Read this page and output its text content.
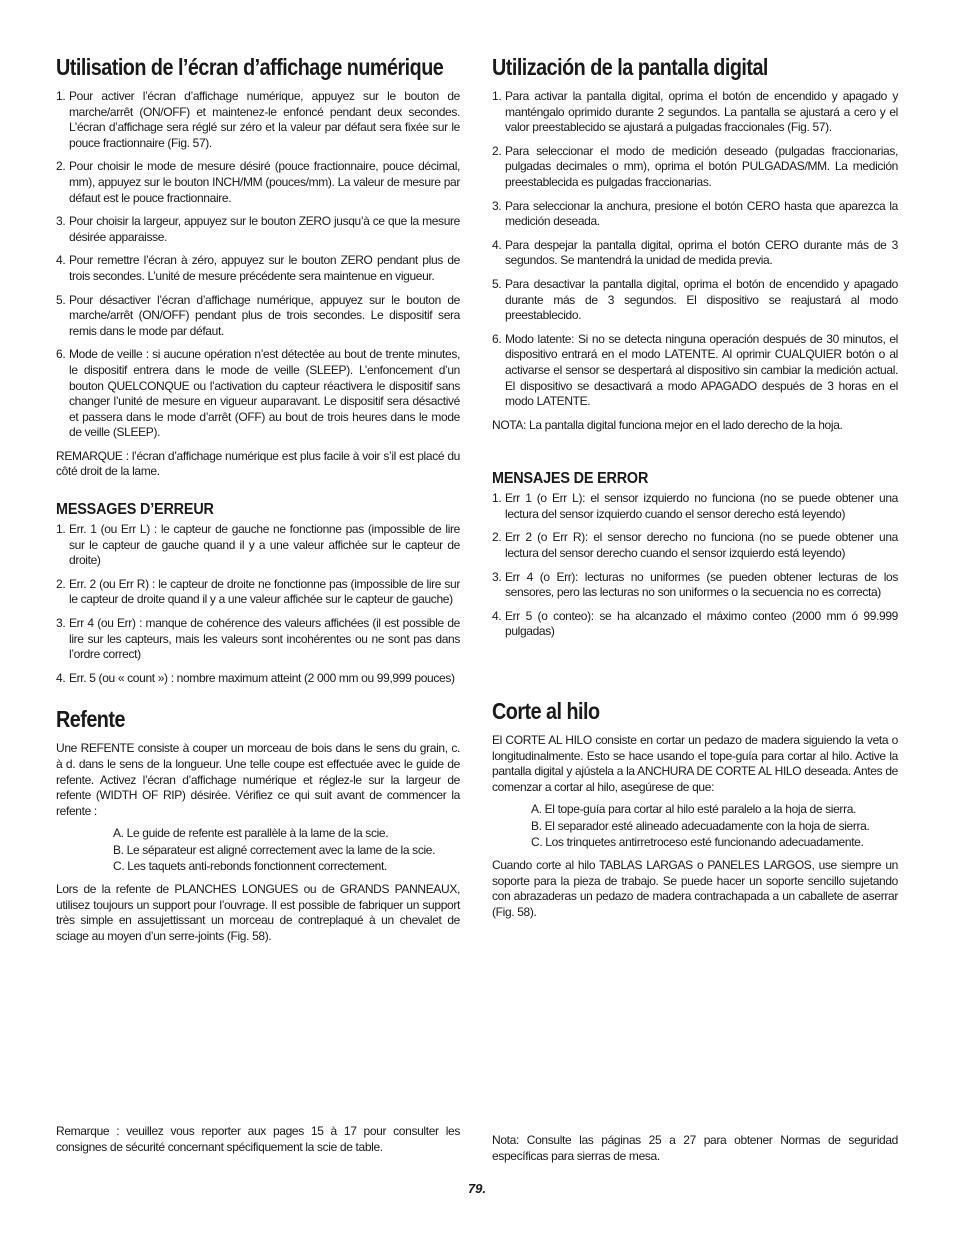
Utilisation de l’écran d’affichage numérique
1. Pour activer l’écran d’affichage numérique, appuyez sur le bouton de marche/arrêt (ON/OFF) et maintenez-le enfoncé pendant deux secondes. L’écran d’affichage sera réglé sur zéro et la valeur par défaut sera fixée sur le pouce fractionnaire (Fig. 57).
2. Pour choisir le mode de mesure désiré (pouce fractionnaire, pouce décimal, mm), appuyez sur le bouton INCH/MM (pouces/mm). La valeur de mesure par défaut est le pouce fractionnaire.
3. Pour choisir la largeur, appuyez sur le bouton ZERO jusqu’à ce que la mesure désirée apparaisse.
4. Pour remettre l’écran à zéro, appuyez sur le bouton ZERO pendant plus de trois secondes. L’unité de mesure précédente sera maintenue en vigueur.
5. Pour désactiver l’écran d’affichage numérique, appuyez sur le bouton de marche/arrêt (ON/OFF) pendant plus de trois secondes. Le dispositif sera remis dans le mode par défaut.
6. Mode de veille : si aucune opération n’est détectée au bout de trente minutes, le dispositif entrera dans le mode de veille (SLEEP). L’enfoncement d’un bouton QUELCONQUE ou l’activation du capteur réactivera le dispositif sans changer l’unité de mesure en vigueur auparavant. Le dispositif sera désactivé et passera dans le mode d’arrêt (OFF) au bout de trois heures dans le mode de veille (SLEEP).

REMARQUE : l’écran d’affichage numérique est plus facile à voir s’il est placé du côté droit de la lame.

MESSAGES D’ERREUR
1. Err. 1 (ou Err L) : le capteur de gauche ne fonctionne pas (impossible de lire sur le capteur de gauche quand il y a une valeur affichée sur le capteur de droite)
2. Err. 2 (ou Err R) : le capteur de droite ne fonctionne pas (impossible de lire sur le capteur de droite quand il y a une valeur affichée sur le capteur de gauche)
3. Err 4 (ou Err) : manque de cohérence des valeurs affichées (il est possible de lire sur les capteurs, mais les valeurs sont incohérentes ou ne sont pas dans l’ordre correct)
4. Err. 5 (ou « count ») : nombre maximum atteint (2 000 mm ou 99,999 pouces)
Refente

Une REFENTE consiste à couper un morceau de bois dans le sens du grain, c. à d. dans le sens de la longueur. Une telle coupe est effectuée avec le guide de refente. Activez l’écran d’affichage numérique et réglez-le sur la largeur de refente (WIDTH OF RIP) désirée. Vérifiez ce qui suit avant de commencer la refente :

A. Le guide de refente est parallèle à la lame de la scie.
B. Le séparateur est aligné correctement avec la lame de la scie.
C. Les taquets anti-rebonds fonctionnent correctement.

Lors de la refente de PLANCHES LONGUES ou de GRANDS PANNEAUX, utilisez toujours un support pour l’ouvrage. Il est possible de fabriquer un support très simple en assujettissant un morceau de contreplaqué à un chevalet de sciage au moyen d’un serre-joints (Fig. 58).

Remarque : veuillez vous reporter aux pages 15 à 17 pour consulter les consignes de sécurité concernant spécifiquement la scie de table.

Utilización de la pantalla digital
1. Para activar la pantalla digital, oprima el botón de encendido y apagado y manténgalo oprimido durante 2 segundos. La pantalla se ajustará a cero y el valor preestablecido se ajustará a pulgadas fraccionales (Fig. 57).
2. Para seleccionar el modo de medición deseado (pulgadas fraccionarias, pulgadas decimales o mm), oprima el botón PULGADAS/MM. La medición preestablecida es pulgadas fraccionarias.
3. Para seleccionar la anchura, presione el botón CERO hasta que aparezca la medición deseada.
4. Para despejar la pantalla digital, oprima el botón CERO durante más de 3 segundos. Se mantendrá la unidad de medida previa.
5. Para desactivar la pantalla digital, oprima el botón de encendido y apagado durante más de 3 segundos. El dispositivo se reajustará al modo preestablecido.
6. Modo latente: Si no se detecta ninguna operación después de 30 minutos, el dispositivo entrará en el modo LATENTE. Al oprimir CUALQUIER botón o al activarse el sensor se despertará al dispositivo sin cambiar la medición actual. El dispositivo se desactivará a modo APAGADO después de 3 horas en el modo LATENTE.

NOTA: La pantalla digital funciona mejor en el lado derecho de la hoja.

MENSAJES DE ERROR
1. Err 1 (o Err L): el sensor izquierdo no funciona (no se puede obtener una lectura del sensor izquierdo cuando el sensor derecho está leyendo)
2. Err 2 (o Err R): el sensor derecho no funciona (no se puede obtener una lectura del sensor derecho cuando el sensor izquierdo está leyendo)
3. Err 4 (o Err): lecturas no uniformes (se pueden obtener lecturas de los sensores, pero las lecturas no son uniformes o la secuencia no es correcta)
4. Err 5 (o conteo): se ha alcanzado el máximo conteo (2000 mm ó 99.999 pulgadas)
Corte al hilo

El CORTE AL HILO consiste en cortar un pedazo de madera siguiendo la veta o longitudinalmente. Esto se hace usando el tope-guía para cortar al hilo. Active la pantalla digital y ajústela a la ANCHURA DE CORTE AL HILO deseada. Antes de comenzar a cortar al hilo, asegúrese de que:

A. El tope-guía para cortar al hilo esté paralelo a la hoja de sierra.
B. El separador esté alineado adecuadamente con la hoja de sierra.
C. Los trinquetes antirretroceso esté funcionando adecuadamente.

Cuando corte al hilo TABLAS LARGAS o PANELES LARGOS, use siempre un soporte para la pieza de trabajo. Se puede hacer un soporte sencillo sujetando con abrazaderas un pedazo de madera contrachapada a un caballete de aserrar (Fig. 58).

Nota: Consulte las páginas 25 a 27 para obtener Normas de seguridad específicas para sierras de mesa.

79.
